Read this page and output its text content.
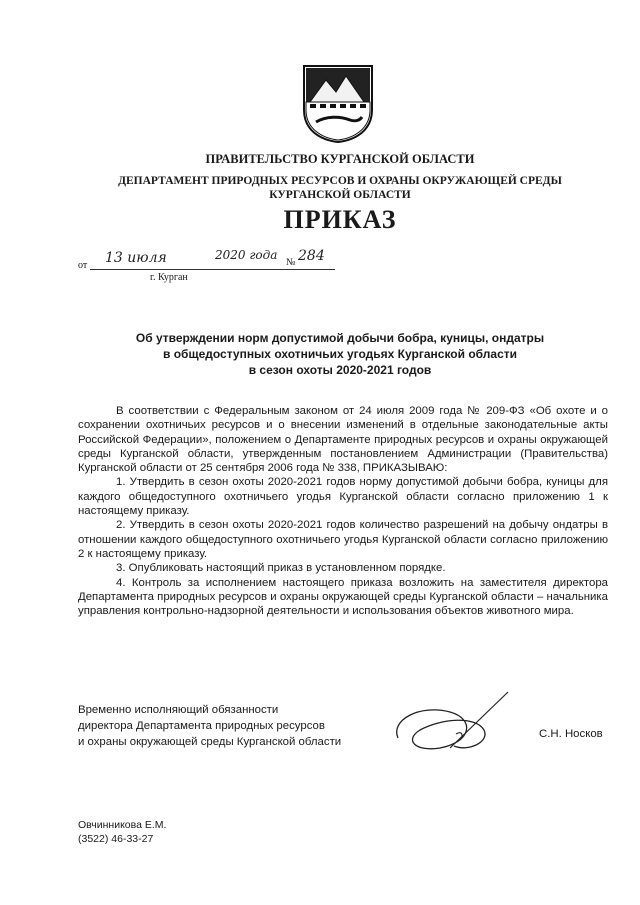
ПРАВИТЕЛЬСТВО КУРГАНСКОЙ ОБЛАСТИ
ДЕПАРТАМЕНТ ПРИРОДНЫХ РЕСУРСОВ И ОХРАНЫ ОКРУЖАЮЩЕЙ СРЕДЫ
КУРГАНСКОЙ ОБЛАСТИ
ПРИКАЗ
от 13 июля	2020 года
№ 284
г. Курган
Об утверждении норм допустимой добычи бобра, куницы, ондатры
в общедоступных охотничьих угодьях Курганской области
в сезон охоты 2020-2021 годов

В соответствии с Федеральным законом от 24 июля 2009 года № 209-ФЗ «Об охоте и о сохранении охотничьих ресурсов и о внесении изменений в отдельные законодательные акты Российской Федерации», положением о Департаменте природных ресурсов и охраны окружающей среды Курганской области, утвержденным постановлением Администрации (Правительства) Курганской области от 25 сентября 2006 года № 338, ПРИКАЗЫВАЮ:

1. Утвердить в сезон охоты 2020-2021 годов норму допустимой добычи бобра, куницы для каждого общедоступного охотничьего угодья Курганской области согласно приложению 1 к настоящему приказу.

2. Утвердить в сезон охоты 2020-2021 годов количество разрешений на добычу ондатры в отношении каждого общедоступного охотничьего угодья Курганской области согласно приложению 2 к настоящему приказу.

3. Опубликовать настоящий приказ в установленном порядке.

4. Контроль за исполнением настоящего приказа возложить на заместителя директора Департамента природных ресурсов и охраны окружающей среды Курганской области – начальника управления контрольно-надзорной деятельности и использования объектов животного мира.

Временно исполняющий обязанности
директора Департамента природных ресурсов
и охраны окружающей среды Курганской области
С.Н. Носков
Овчинникова Е.М.
(3522) 46-33-27
